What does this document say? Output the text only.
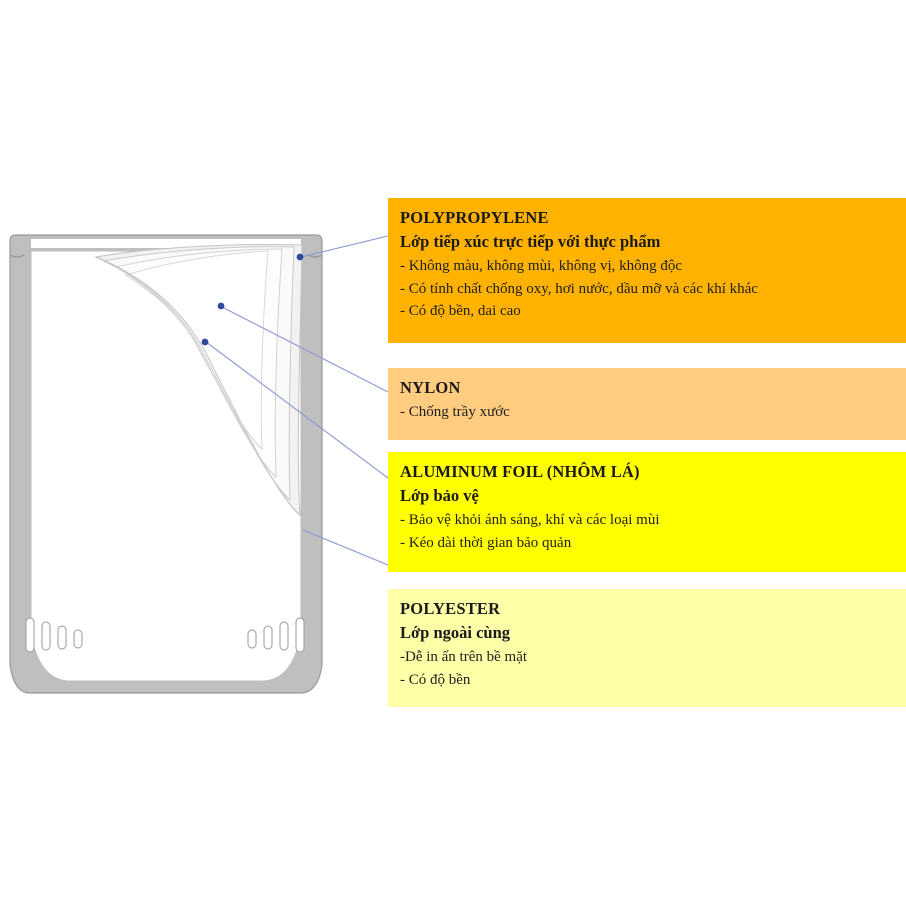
POLYPROPYLENE

Lớp tiếp xúc trực tiếp với thực phẩm

- Không màu, không mùi, không vị, không độc

- Có tính chất chống oxy, hơi nước, dầu mỡ và các khí khác

- Có độ bền, dai cao

NYLON

- Chống trầy xước

ALUMINUM FOIL (NHÔM LÁ)

Lớp bảo vệ

- Bảo vệ khỏi ánh sáng, khí và các loại mùi

- Kéo dài thời gian bảo quản

POLYESTER

Lớp ngoài cùng

-Dễ in ấn trên bề mặt

- Có độ bền
